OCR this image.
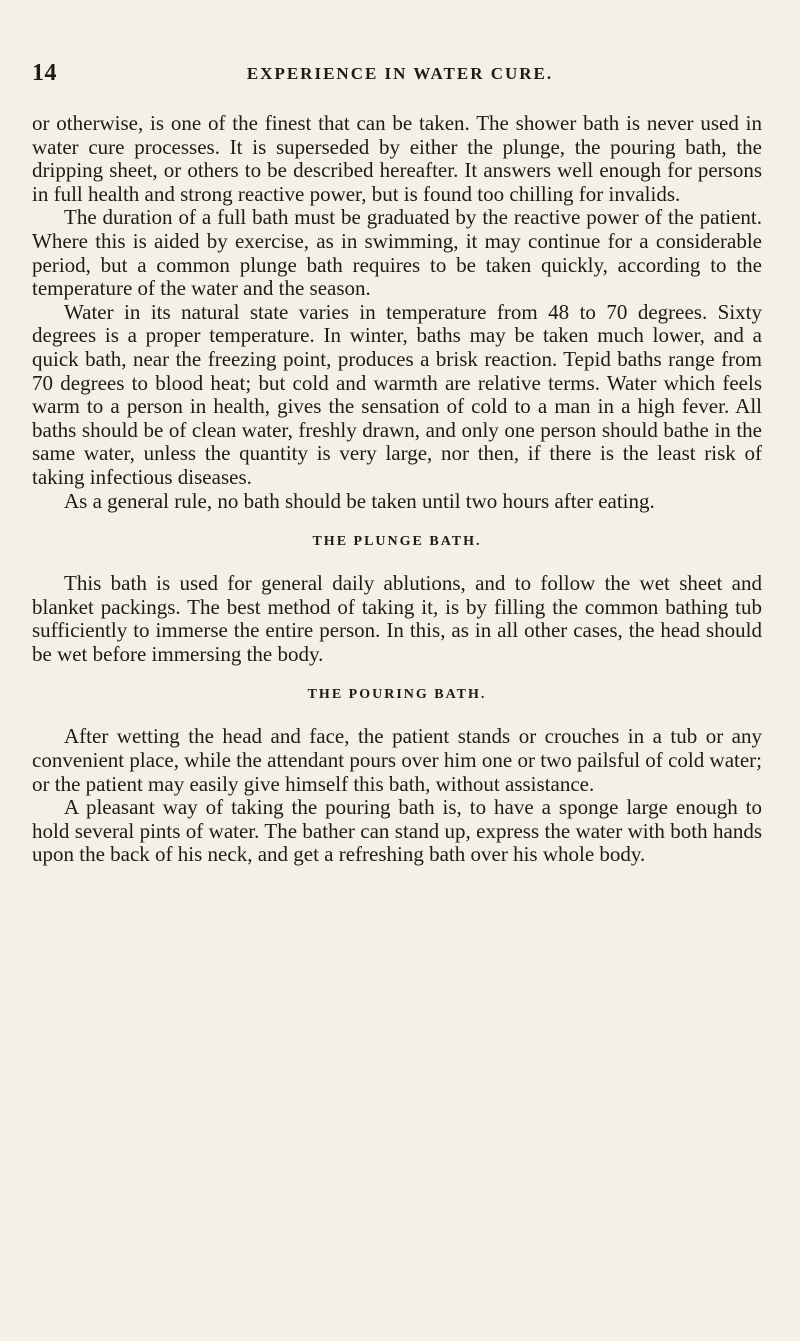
14	EXPERIENCE IN WATER CURE.

or otherwise, is one of the finest that can be taken. The shower bath is never used in water cure processes. It is superseded by either the plunge, the pouring bath, the dripping sheet, or others to be described hereafter. It answers well enough for persons in full health and strong reactive power, but is found too chilling for invalids.

The duration of a full bath must be graduated by the reactive power of the patient. Where this is aided by exercise, as in swimming, it may continue for a considerable period, but a common plunge bath requires to be taken quickly, according to the temperature of the water and the season.

Water in its natural state varies in temperature from 48 to 70 degrees. Sixty degrees is a proper temperature. In winter, baths may be taken much lower, and a quick bath, near the freezing point, produces a brisk reaction. Tepid baths range from 70 degrees to blood heat; but cold and warmth are relative terms. Water which feels warm to a person in health, gives the sensation of cold to a man in a high fever. All baths should be of clean water, freshly drawn, and only one person should bathe in the same water, unless the quantity is very large, nor then, if there is the least risk of taking infectious diseases.

As a general rule, no bath should be taken until two hours after eating.

THE PLUNGE BATH.

This bath is used for general daily ablutions, and to follow the wet sheet and blanket packings. The best method of taking it, is by filling the common bathing tub sufficiently to immerse the entire person. In this, as in all other cases, the head should be wet before immersing the body.

THE POURING BATH.

After wetting the head and face, the patient stands or crouches in a tub or any convenient place, while the attendant pours over him one or two pailsful of cold water; or the patient may easily give himself this bath, without assistance.

A pleasant way of taking the pouring bath is, to have a sponge large enough to hold several pints of water. The bather can stand up, express the water with both hands upon the back of his neck, and get a refreshing bath over his whole body.
